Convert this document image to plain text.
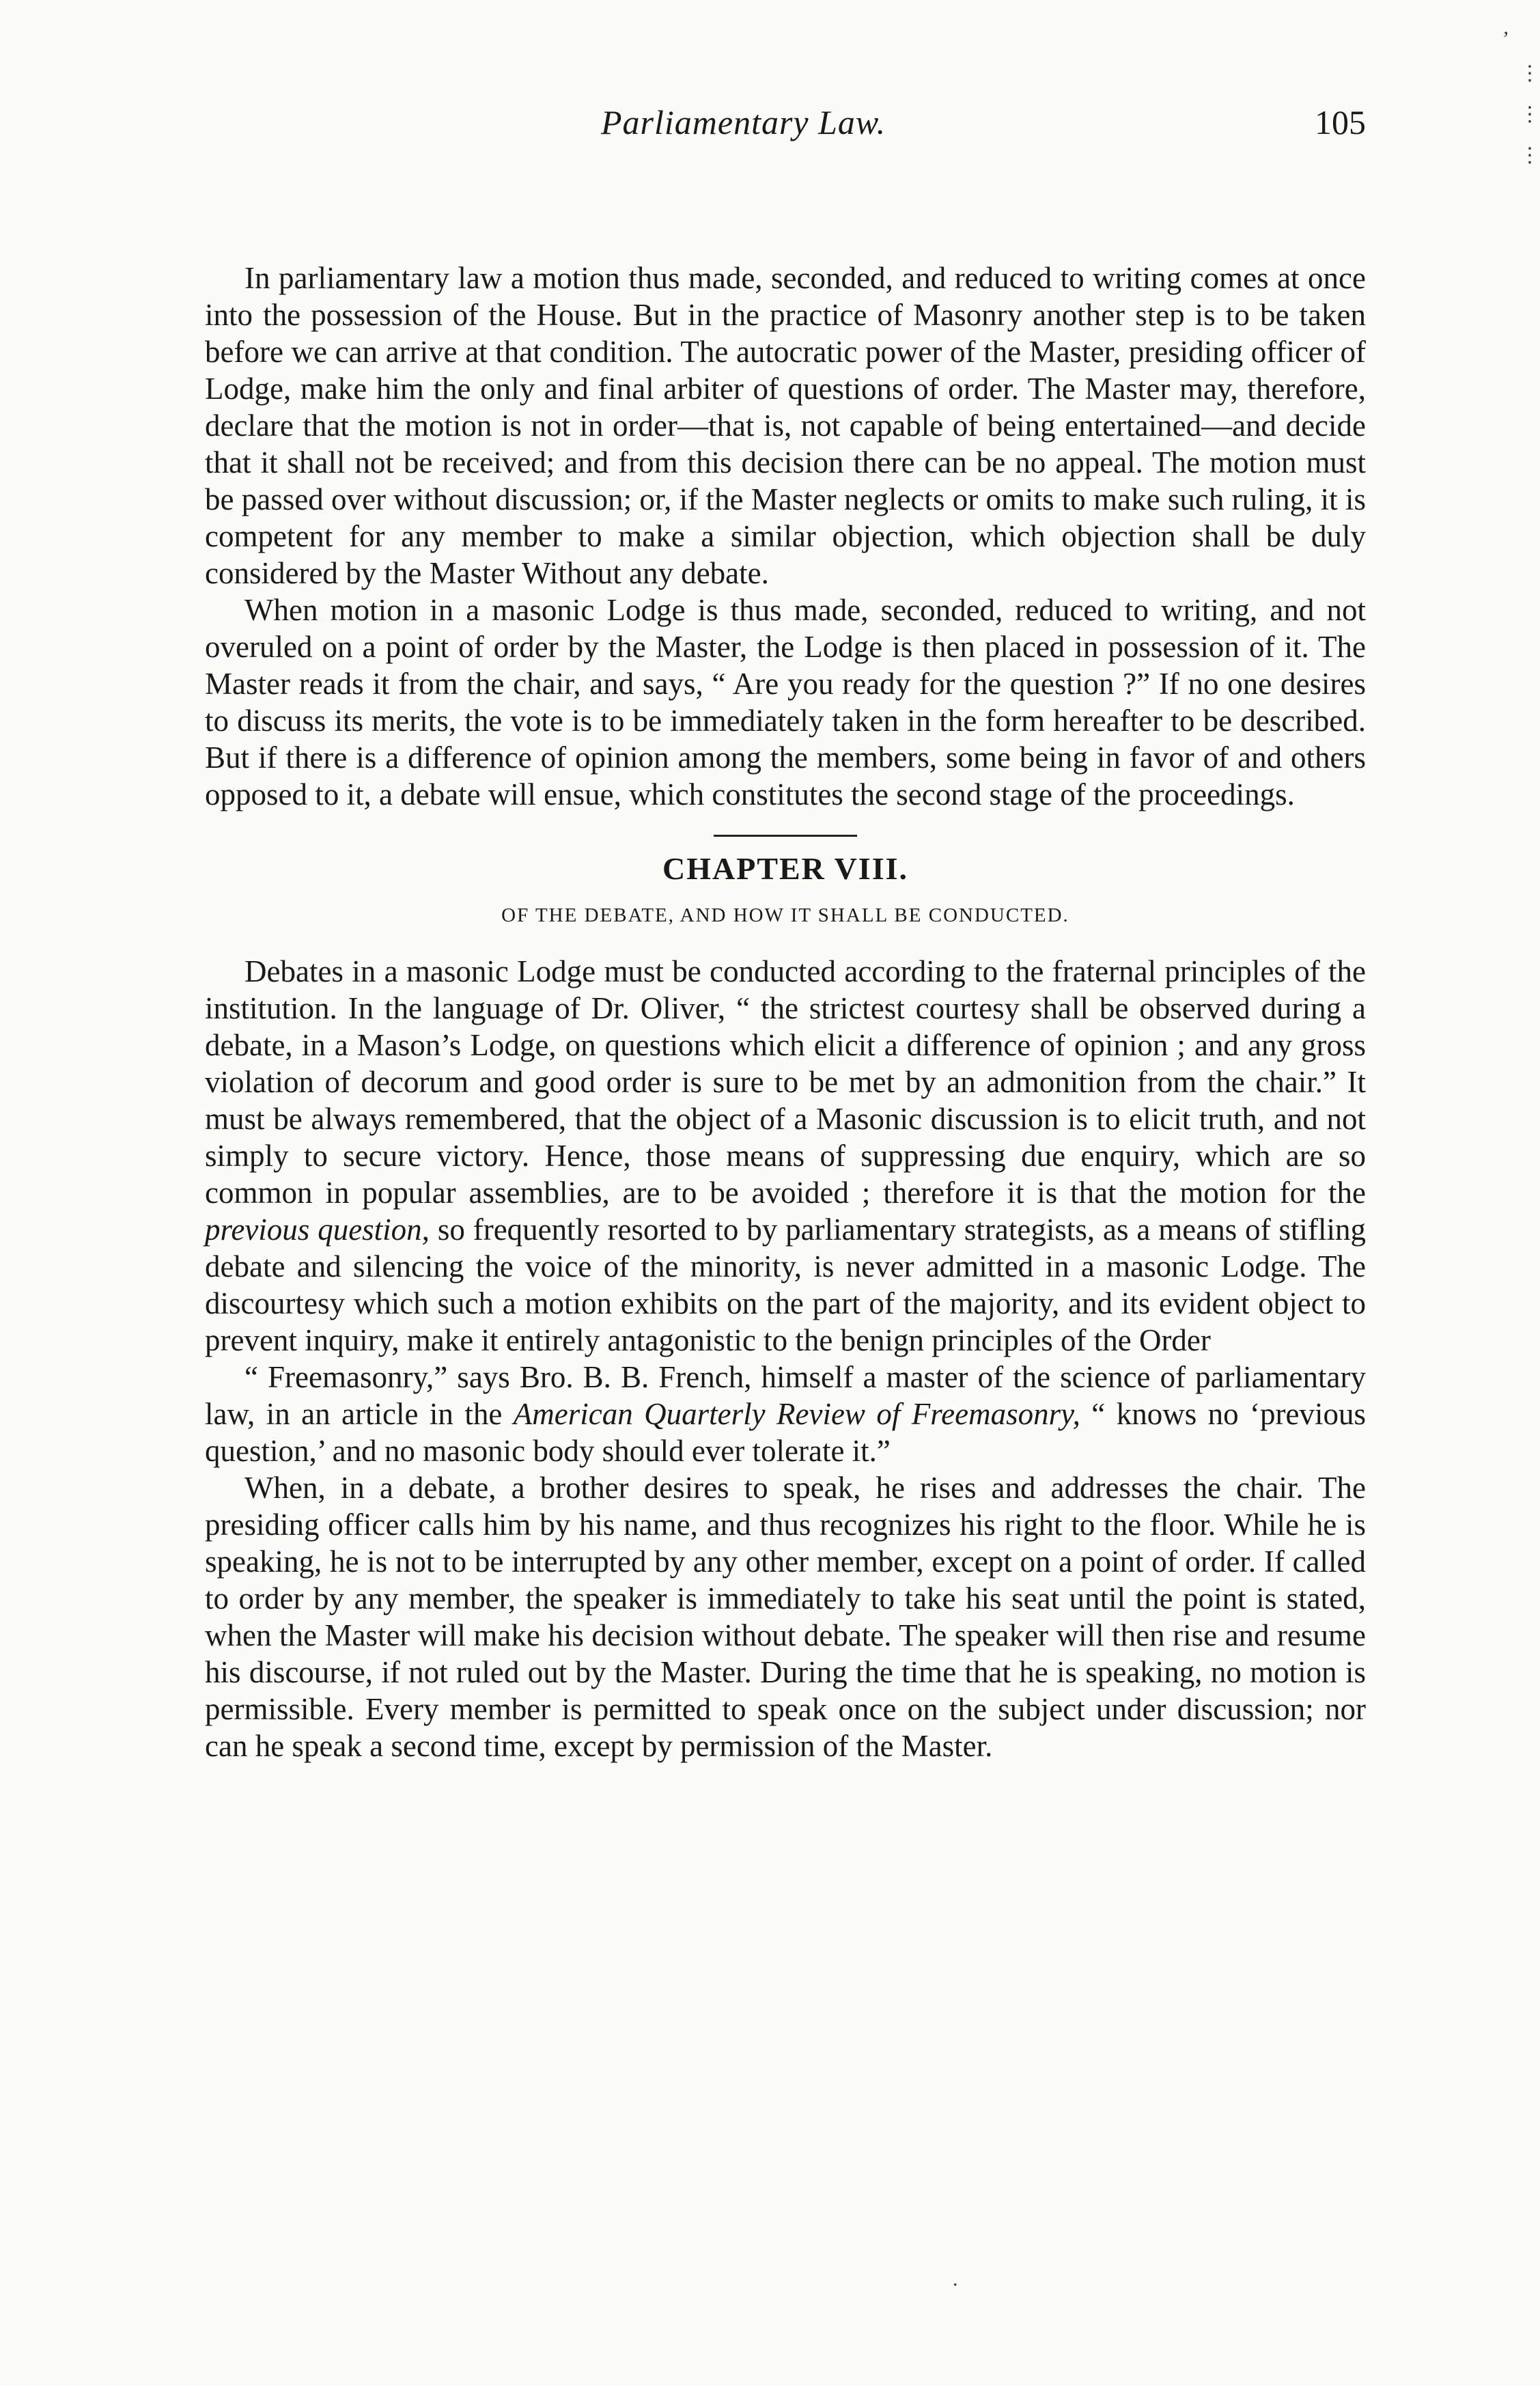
Parliamentary Law.	105
’
⋮
⋮
⋮
.

In parliamentary law a motion thus made, seconded, and reduced to writing comes at once into the possession of the House. But in the practice of Masonry another step is to be taken before we can arrive at that condition. The autocratic power of the Master, presiding officer of Lodge, make him the only and final arbiter of questions of order. The Master may, therefore, declare that the motion is not in order—that is, not capable of being entertained—and decide that it shall not be received; and from this decision there can be no appeal. The motion must be passed over without discussion; or, if the Master neglects or omits to make such ruling, it is competent for any member to make a similar objection, which objection shall be duly considered by the Master Without any debate.

When motion in a masonic Lodge is thus made, seconded, reduced to writing, and not overuled on a point of order by the Master, the Lodge is then placed in possession of it. The Master reads it from the chair, and says, “ Are you ready for the question ?” If no one desires to discuss its merits, the vote is to be immediately taken in the form hereafter to be described. But if there is a difference of opinion among the members, some being in favor of and others opposed to it, a debate will ensue, which constitutes the second stage of the proceedings.

CHAPTER VIII.
OF THE DEBATE, AND HOW IT SHALL BE CONDUCTED.

Debates in a masonic Lodge must be conducted according to the fraternal principles of the institution. In the language of Dr. Oliver, “ the strictest courtesy shall be observed during a debate, in a Mason’s Lodge, on questions which elicit a difference of opinion ; and any gross violation of decorum and good order is sure to be met by an admonition from the chair.” It must be always remembered, that the object of a Masonic discussion is to elicit truth, and not simply to secure victory. Hence, those means of suppressing due enquiry, which are so common in popular assemblies, are to be avoided ; therefore it is that the motion for the previous question, so frequently resorted to by parliamentary strategists, as a means of stifling debate and silencing the voice of the minority, is never admitted in a masonic Lodge. The discourtesy which such a motion exhibits on the part of the majority, and its evident object to prevent inquiry, make it entirely antagonistic to the benign principles of the Order

“ Freemasonry,” says Bro. B. B. French, himself a master of the science of parliamentary law, in an article in the American Quarterly Review of Freemasonry, “ knows no ‘previous question,’ and no masonic body should ever tolerate it.”

When, in a debate, a brother desires to speak, he rises and addresses the chair. The presiding officer calls him by his name, and thus recognizes his right to the floor. While he is speaking, he is not to be interrupted by any other member, except on a point of order. If called to order by any member, the speaker is immediately to take his seat until the point is stated, when the Master will make his decision without debate. The speaker will then rise and resume his discourse, if not ruled out by the Master. During the time that he is speaking, no motion is permissible. Every member is permitted to speak once on the subject under discussion; nor can he speak a second time, except by permission of the Master.
